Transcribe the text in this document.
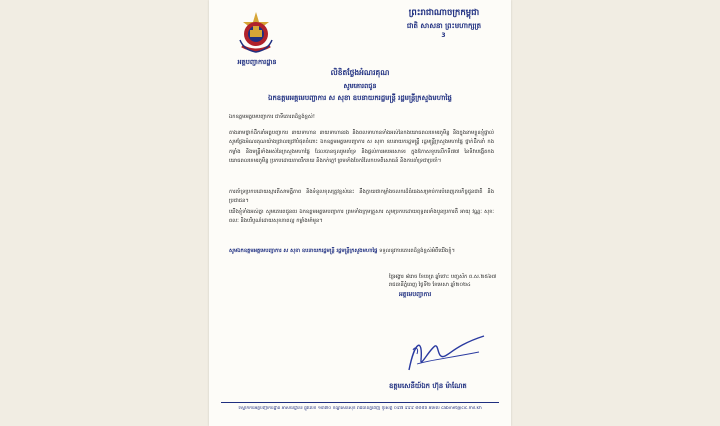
អគ្គបញ្ជាការដ្ឋាន
ព្រះរាជាណាចក្រកម្ពុជា
ជាតិ សាសនា ព្រះមហាក្សត្រ
3
លិខិតថ្លែងអំណរគុណ
សូមគោរពជូន
ឯកឧត្តមអគ្គមេបញ្ជាការ ស សុខា ឧបនាយករដ្ឋមន្ត្រី រដ្ឋមន្ត្រីក្រសួងមហាផ្ទៃ
ឯកឧត្តមអគ្គមេបញ្ជាការ ជាទីគោរពដ៏ខ្ពង់ខ្ពស់!
តាងនាមថ្នាក់ដឹកនាំអគ្គបញ្ជាការ នាយទាហាន នាយទាហានរង និងពលទាហានទាំងអស់នៃកងយោធពលខេមរភូមិន្ទ និងក្នុងនាមខ្លួនខ្ញុំផ្ទាល់ សូមថ្លែងអំណរគុណយ៉ាងជ្រាលជ្រៅបំផុតចំពោះ ឯកឧត្តមអគ្គមេបញ្ជាការ ស សុខា ឧបនាយករដ្ឋមន្ត្រី រដ្ឋមន្ត្រីក្រសួងមហាផ្ទៃ ថ្នាក់ដឹកនាំ កងកម្លាំង និងមន្ត្រីទាំងអស់នៃក្រសួងមហាផ្ទៃ ដែលបានចូលរួមគាំទ្រ និងផ្តល់ការអបអរសាទរ ក្នុងឱកាសខួបលើកទី៧៧ នៃទិវាបង្កើតកងយោធពលខេមរភូមិន្ទ ប្រកបដោយភាពរីករាយ និងកក់ក្តៅ ព្រមទាំងចែករំលែកបទពិសោធន៍ និងការគាំទ្រជាប្រចាំ។
ការគាំទ្រប្រកបដោយស្មារតីសាមគ្គីភាព និងទំនួលខុសត្រូវខ្ពស់នេះ នឹងក្លាយជាកម្លាំងចលករដ៏ធំធេងសម្រាប់ការបំពេញភារកិច្ចជូនជាតិ និងប្រជាជន។
យើងខ្ញុំទាំងអស់គ្នា សូមគោរពជូនពរ ឯកឧត្តមអគ្គមេបញ្ជាការ ព្រមទាំងក្រុមគ្រួសារ សូមប្រកបដោយពុទ្ធពរទាំងបួនប្រការគឺ អាយុ វណ្ណៈ សុខៈ ពលៈ និងបរិបូណ៌ដោយសុខភាពល្អ កម្លាំងមាំមួន។
សូមឯកឧត្តមអគ្គមេបញ្ជាការ ស សុខា ឧបនាយករដ្ឋមន្ត្រី រដ្ឋមន្ត្រីក្រសួងមហាផ្ទៃ ទទួលនូវការគោរពដ៏ខ្ពង់ខ្ពស់អំពីយើងខ្ញុំ។
ថ្ងៃអង្គារ ៨រោច ខែចេត្រ ឆ្នាំថោះ បញ្ចស័ក ព.ស.២៥៦៧
រាជធានីភ្នំពេញ ថ្ងៃទី២ ខែមេសា ឆ្នាំ២០២៤
អគ្គមេបញ្ជាការ
ឧត្តមសេនីយ៍ឯក ហ៊ុន ម៉ាណែត
ទីស្នាក់ការអគ្គបញ្ជាការដ្ឋាន អាសយដ្ឋាន៖ ផ្លូវលេខ ១៣៧០ ខណ្ឌសែនសុខ រាជធានីភ្នំពេញ ទូរសព្ទ ០៩៧ ៩៩៩ ៨៨៨៦ អ៊ីម៉ែល cabinet@cic.mil.kh
